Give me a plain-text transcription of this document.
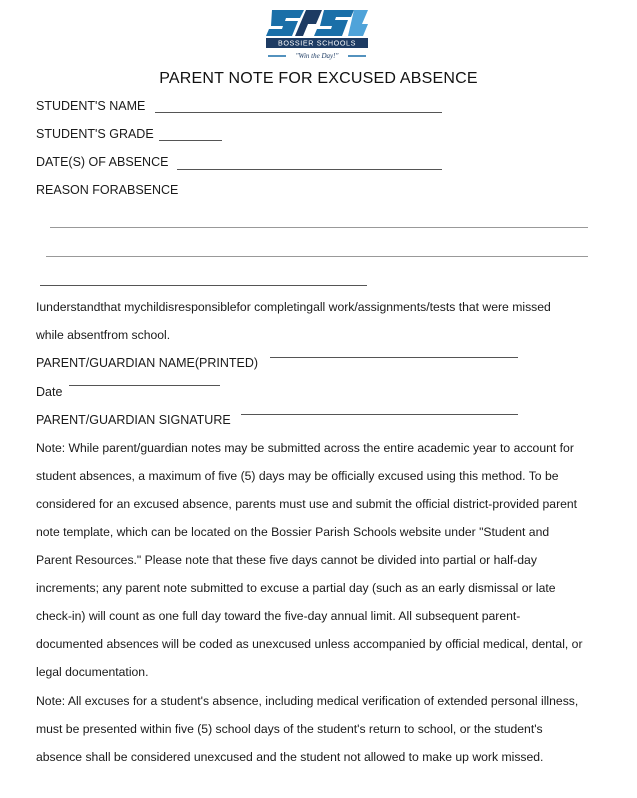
BOSSIER SCHOOLS
"Win the Day!"
PARENT NOTE FOR EXCUSED ABSENCE
STUDENT'S NAME
STUDENT'S GRADE
DATE(S) OF ABSENCE
REASON FORABSENCE
Iunderstandthat mychildisresponsiblefor completingall work/assignments/tests that were missed
while absentfrom school.
PARENT/GUARDIAN NAME(PRINTED)
Date
PARENT/GUARDIAN SIGNATURE
Note: While parent/guardian notes may be submitted across the entire academic year to account for
student absences, a maximum of five (5) days may be officially excused using this method. To be
considered for an excused absence, parents must use and submit the official district-provided parent
note template, which can be located on the Bossier Parish Schools website under "Student and
Parent Resources." Please note that these five days cannot be divided into partial or half-day
increments; any parent note submitted to excuse a partial day (such as an early dismissal or late
check-in) will count as one full day toward the five-day annual limit. All subsequent parent-
documented absences will be coded as unexcused unless accompanied by official medical, dental, or
legal documentation.
Note: All excuses for a student's absence, including medical verification of extended personal illness,
must be presented within five (5) school days of the student's return to school, or the student's
absence shall be considered unexcused and the student not allowed to make up work missed.
